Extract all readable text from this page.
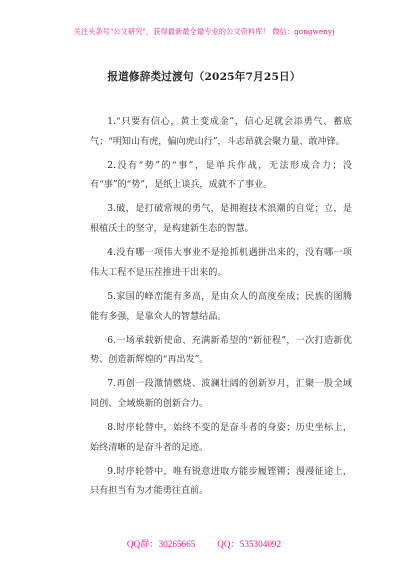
关注头条号"公文研究"，获得最新最全最专业的公文资料库！ 微信：gongwenyj
报道修辞类过渡句（2025年7月25日）

1.“只要有信心，黄土变成金”，信心足就会添勇气、蓄底气；“明知山有虎，偏向虎山行”，斗志昂就会聚力量、敢冲锋。

2.没有“势”的“事”，是单兵作战，无法形成合力；没有“事”的“势”，是纸上谈兵，成就不了事业。

3.破，是打破常规的勇气，是拥抱技术浪潮的自觉；立，是根植沃土的坚守，是构建新生态的智慧。

4.没有哪一项伟大事业不是抢抓机遇拼出来的，没有哪一项伟大工程不是压茬推进干出来的。

5.家国的峰峦能有多高，是由众人的高度垒成；民族的图腾能有多强，是靠众人的智慧结晶。

6.一场承载新使命、充满新希望的“新征程”，一次打造新优势、创造新辉煌的“再出发”。

7.再创一段激情燃烧、波澜壮阔的创新岁月，汇聚一股全域同创、全域焕新的创新合力。

8.时序轮替中，始终不变的是奋斗者的身姿；历史坐标上，始终清晰的是奋斗者的足迹。

9.时序轮替中，唯有锐意进取方能步履铿锵；漫漫征途上，只有担当有为才能勇往直前。

QQ群：30265665 QQ：535304092
